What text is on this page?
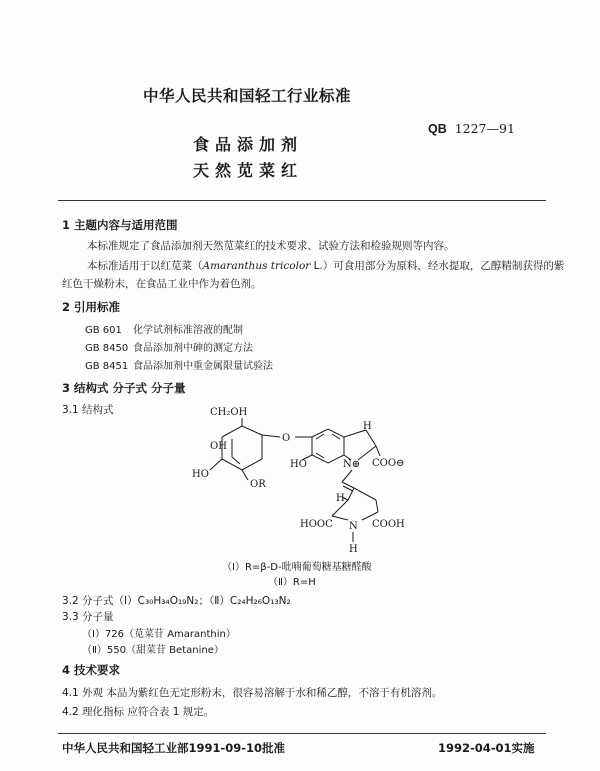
中华人民共和国轻工行业标准
QB 1227—91
食品添加剂
天然苋菜红
1 主题内容与适用范围
本标准规定了食品添加剂天然苋菜红的技术要求、试验方法和检验规则等内容。
本标准适用于以红苋菜（Amaranthus tricolor L.）可食用部分为原料，经水提取，乙醇精制获得的紫
红色干燥粉末，在食品工业中作为着色剂。
2 引用标准
GB 601 化学试剂标准溶液的配制
GB 8450 食品添加剂中砷的测定方法
GB 8451 食品添加剂中重金属限量试验法
3 结构式 分子式 分子量
3.1 结构式	CH₂OH
OH
HO
OR
O
H
HO	N⊕ COO⊖
H
HOOC N COOH
H
（Ⅰ）R=β-D-吡喃葡萄糖基糖醛酸
（Ⅱ）R=H
3.2 分子式（Ⅰ）C₃₀H₃₄O₁₉N₂；（Ⅱ）C₂₄H₂₆O₁₃N₂
3.3 分子量
（Ⅰ）726（苋菜苷 Amaranthin）
（Ⅱ）550（甜菜苷 Betanine）
4 技术要求
4.1 外观 本品为紫红色无定形粉末，很容易溶解于水和稀乙醇，不溶于有机溶剂。
4.2 理化指标 应符合表 1 规定。
中华人民共和国轻工业部1991-09-10批准	1992-04-01实施
